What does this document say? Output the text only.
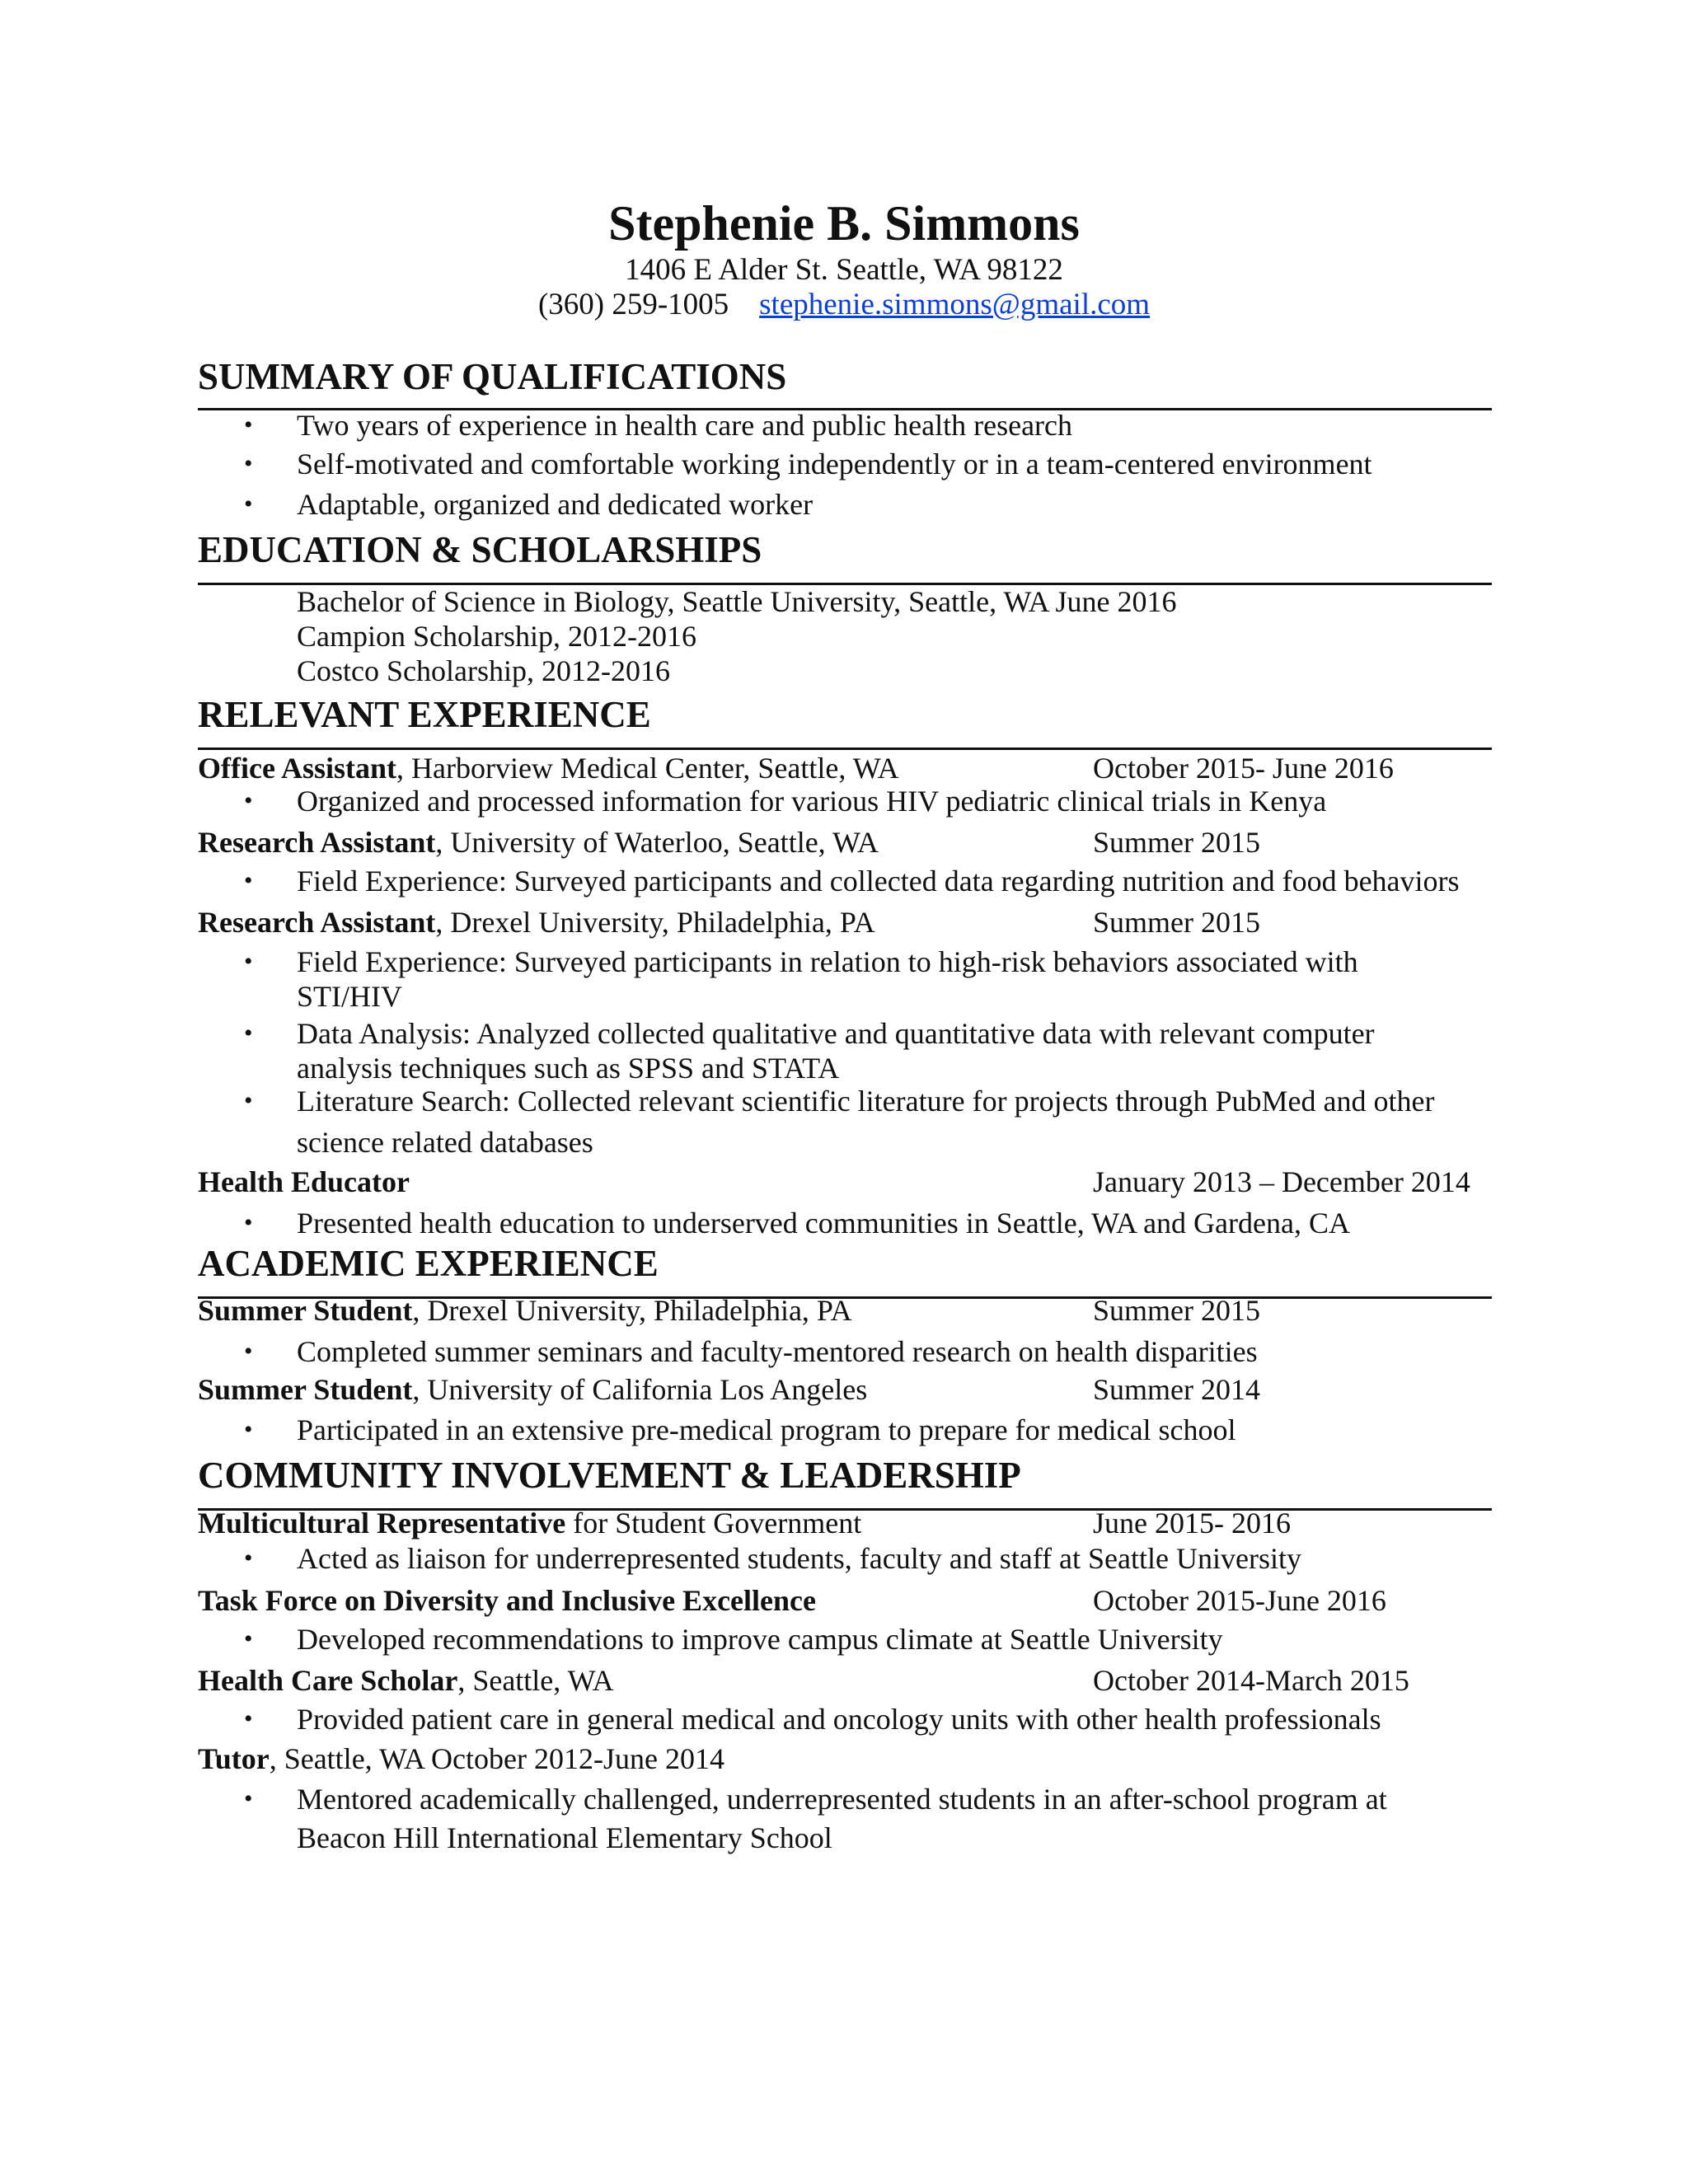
Stephenie B. Simmons
1406 E Alder St. Seattle, WA 98122
(360) 259-1005 stephenie.simmons@gmail.com
SUMMARY OF QUALIFICATIONS
• Two years of experience in health care and public health research
• Self-motivated and comfortable working independently or in a team-centered environment
• Adaptable, organized and dedicated worker
EDUCATION & SCHOLARSHIPS
Bachelor of Science in Biology, Seattle University, Seattle, WA June 2016
Campion Scholarship, 2012-2016
Costco Scholarship, 2012-2016
RELEVANT EXPERIENCE
Office Assistant, Harborview Medical Center, Seattle, WA	October 2015- June 2016
• Organized and processed information for various HIV pediatric clinical trials in Kenya
Research Assistant, University of Waterloo, Seattle, WA	Summer 2015
• Field Experience: Surveyed participants and collected data regarding nutrition and food behaviors
Research Assistant, Drexel University, Philadelphia, PA	Summer 2015
• Field Experience: Surveyed participants in relation to high-risk behaviors associated with
STI/HIV
• Data Analysis: Analyzed collected qualitative and quantitative data with relevant computer
analysis techniques such as SPSS and STATA
• Literature Search: Collected relevant scientific literature for projects through PubMed and other
science related databases
Health Educator	January 2013 – December 2014
• Presented health education to underserved communities in Seattle, WA and Gardena, CA
ACADEMIC EXPERIENCE
Summer Student, Drexel University, Philadelphia, PA	Summer 2015
• Completed summer seminars and faculty-mentored research on health disparities
Summer Student, University of California Los Angeles	Summer 2014
• Participated in an extensive pre-medical program to prepare for medical school
COMMUNITY INVOLVEMENT & LEADERSHIP
Multicultural Representative for Student Government	June 2015- 2016
• Acted as liaison for underrepresented students, faculty and staff at Seattle University
Task Force on Diversity and Inclusive Excellence	October 2015-June 2016
• Developed recommendations to improve campus climate at Seattle University
Health Care Scholar, Seattle, WA	October 2014-March 2015
• Provided patient care in general medical and oncology units with other health professionals
Tutor, Seattle, WA October 2012-June 2014
• Mentored academically challenged, underrepresented students in an after-school program at
Beacon Hill International Elementary School
